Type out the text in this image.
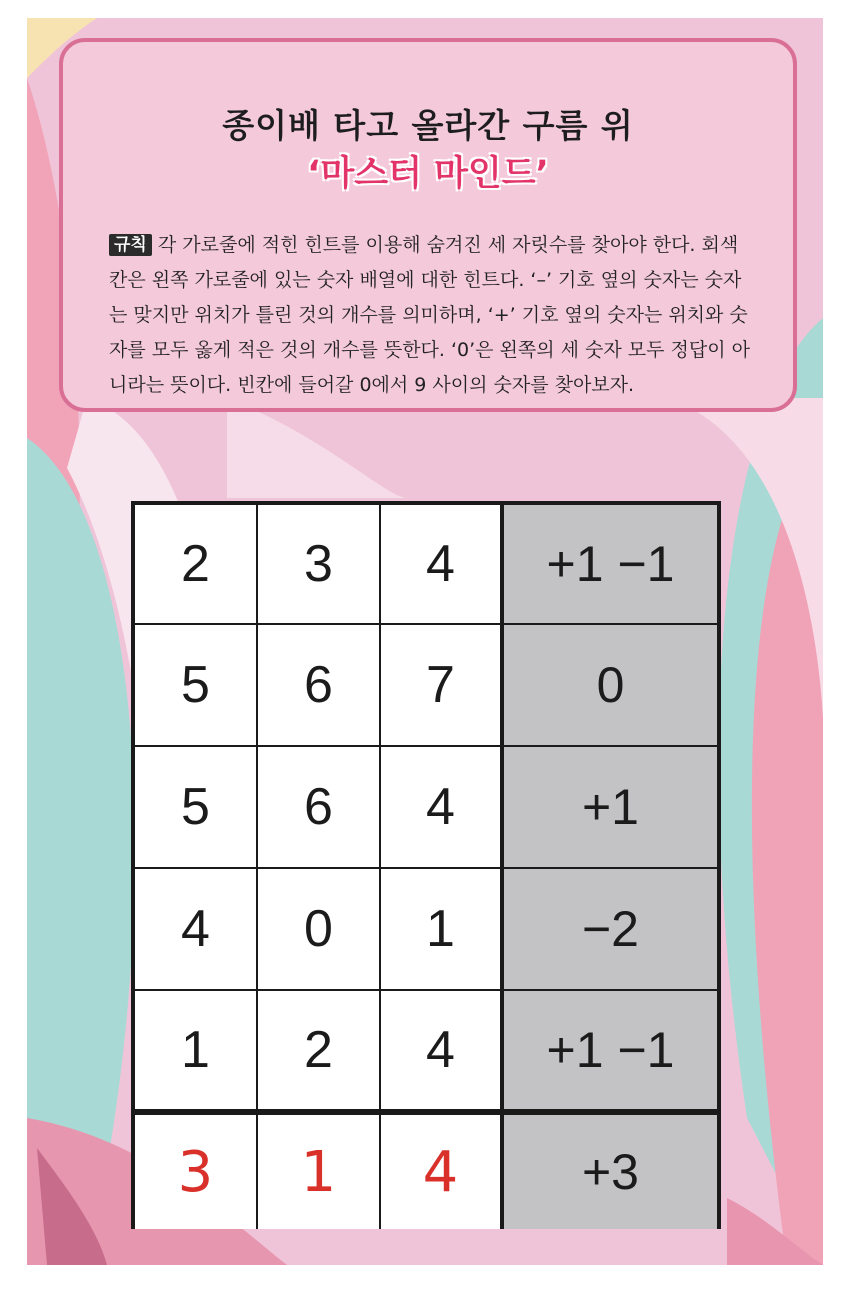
종이배 타고 올라간 구름 위
‘마스터 마인드’
규칙 각 가로줄에 적힌 힌트를 이용해 숨겨진 세 자릿수를 찾아야 한다. 회색 칸은 왼쪽 가로줄에 있는 숫자 배열에 대한 힌트다. ‘–’ 기호 옆의 숫자는 숫자는 맞지만 위치가 틀린 것의 개수를 의미하며, ‘+’ 기호 옆의 숫자는 위치와 숫자를 모두 옳게 적은 것의 개수를 뜻한다. ‘0’은 왼쪽의 세 숫자 모두 정답이 아니라는 뜻이다. 빈칸에 들어갈 0에서 9 사이의 숫자를 찾아보자.
2	3	4	+1 −1
5	6	7	0
5	6	4	+1
4	0	1	−2
1	2	4	+1 −1
3	1	4	+3
